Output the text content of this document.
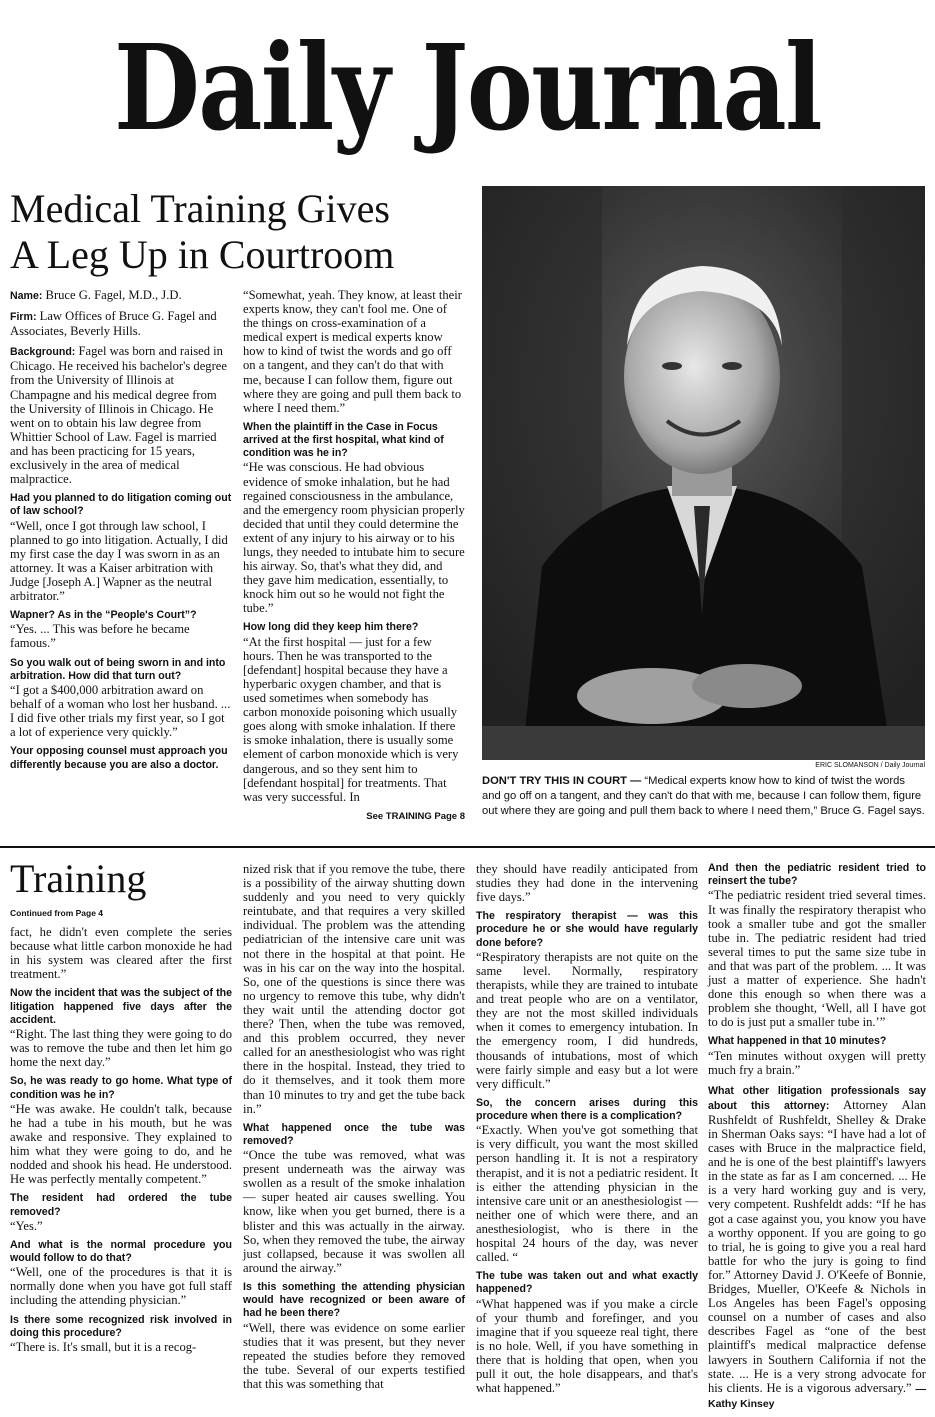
Daily Journal
Medical Training Gives
A Leg Up in Courtroom

Name: Bruce G. Fagel, M.D., J.D.

Firm: Law Offices of Bruce G. Fagel and Associates, Beverly Hills.

Background: Fagel was born and raised in Chicago. He received his bachelor's degree from the University of Illinois at Champagne and his medical degree from the University of Illinois in Chicago. He went on to obtain his law degree from Whittier School of Law. Fagel is married and has been practicing for 15 years, exclusively in the area of medical malpractice.

Had you planned to do litigation coming out of law school?

“Well, once I got through law school, I planned to go into litigation. Actually, I did my first case the day I was sworn in as an attorney. It was a Kaiser arbitration with Judge [Joseph A.] Wapner as the neutral arbitrator.”

Wapner? As in the “People's Court”?

“Yes. ... This was before he became famous.”

So you walk out of being sworn in and into arbitration. How did that turn out?

“I got a $400,000 arbitration award on behalf of a woman who lost her husband. ... I did five other trials my first year, so I got a lot of experience very quickly.”

Your opposing counsel must approach you differently because you are also a doctor.

“Somewhat, yeah. They know, at least their experts know, they can't fool me. One of the things on cross-examination of a medical expert is medical experts know how to kind of twist the words and go off on a tangent, and they can't do that with me, because I can follow them, figure out where they are going and pull them back to where I need them.”

When the plaintiff in the Case in Focus arrived at the first hospital, what kind of condition was he in?

“He was conscious. He had obvious evidence of smoke inhalation, but he had regained consciousness in the ambulance, and the emergency room physician properly decided that until they could determine the extent of any injury to his airway or to his lungs, they needed to intubate him to secure his airway. So, that's what they did, and they gave him medication, essentially, to knock him out so he would not fight the tube.”

How long did they keep him there?

“At the first hospital — just for a few hours. Then he was transported to the [defendant] hospital because they have a hyperbaric oxygen chamber, and that is used sometimes when somebody has carbon monoxide poisoning which usually goes along with smoke inhalation. If there is smoke inhalation, there is usually some element of carbon monoxide which is very dangerous, and so they sent him to [defendant hospital] for treatments. That was very successful. In

See TRAINING Page 8
ERIC SLOMANSON / Daily Journal
DON'T TRY THIS IN COURT — “Medical experts know how to kind of twist the words and go off on a tangent, and they can't do that with me, because I can follow them, figure out where they are going and pull them back to where I need them,” Bruce G. Fagel says.
Training
Continued from Page 4

fact, he didn't even complete the series because what little carbon monoxide he had in his system was cleared after the first treatment.”

Now the incident that was the subject of the litigation happened five days after the accident.

“Right. The last thing they were going to do was to remove the tube and then let him go home the next day.”

So, he was ready to go home. What type of condition was he in?

“He was awake. He couldn't talk, because he had a tube in his mouth, but he was awake and responsive. They explained to him what they were going to do, and he nodded and shook his head. He understood. He was perfectly mentally competent.”

The resident had ordered the tube removed?

“Yes.”

And what is the normal procedure you would follow to do that?

“Well, one of the procedures is that it is normally done when you have got full staff including the attending physician.”

Is there some recognized risk involved in doing this procedure?

“There is. It's small, but it is a recog-

nized risk that if you remove the tube, there is a possibility of the airway shutting down suddenly and you need to very quickly reintubate, and that requires a very skilled individual. The problem was the attending pediatrician of the intensive care unit was not there in the hospital at that point. He was in his car on the way into the hospital. So, one of the questions is since there was no urgency to remove this tube, why didn't they wait until the attending doctor got there? Then, when the tube was removed, and this problem occurred, they never called for an anesthesiologist who was right there in the hospital. Instead, they tried to do it themselves, and it took them more than 10 minutes to try and get the tube back in.”

What happened once the tube was removed?

“Once the tube was removed, what was present underneath was the airway was swollen as a result of the smoke inhalation — super heated air causes swelling. You know, like when you get burned, there is a blister and this was actually in the airway. So, when they removed the tube, the airway just collapsed, because it was swollen all around the airway.”

Is this something the attending physician would have recognized or been aware of had he been there?

“Well, there was evidence on some earlier studies that it was present, but they never repeated the studies before they removed the tube. Several of our experts testified that this was something that

they should have readily anticipated from studies they had done in the intervening five days.”

The respiratory therapist — was this procedure he or she would have regularly done before?

“Respiratory therapists are not quite on the same level. Normally, respiratory therapists, while they are trained to intubate and treat people who are on a ventilator, they are not the most skilled individuals when it comes to emergency intubation. In the emergency room, I did hundreds, thousands of intubations, most of which were fairly simple and easy but a lot were very difficult.”

So, the concern arises during this procedure when there is a complication?

“Exactly. When you've got something that is very difficult, you want the most skilled person handling it. It is not a respiratory therapist, and it is not a pediatric resident. It is either the attending physician in the intensive care unit or an anesthesiologist — neither one of which were there, and an anesthesiologist, who is there in the hospital 24 hours of the day, was never called. “

The tube was taken out and what exactly happened?

“What happened was if you make a circle of your thumb and forefinger, and you imagine that if you squeeze real tight, there is no hole. Well, if you have something in there that is holding that open, when you pull it out, the hole disappears, and that's what happened.”

And then the pediatric resident tried to reinsert the tube?

“The pediatric resident tried several times. It was finally the respiratory therapist who took a smaller tube and got the smaller tube in. The pediatric resident had tried several times to put the same size tube in and that was part of the problem. ... It was just a matter of experience. She hadn't done this enough so when there was a problem she thought, ‘Well, all I have got to do is just put a smaller tube in.’”

What happened in that 10 minutes?

“Ten minutes without oxygen will pretty much fry a brain.”

What other litigation professionals say about this attorney: Attorney Alan Rushfeldt of Rushfeldt, Shelley & Drake in Sherman Oaks says: “I have had a lot of cases with Bruce in the malpractice field, and he is one of the best plaintiff's lawyers in the state as far as I am concerned. ... He is a very hard working guy and is very, very competent. Rushfeldt adds: “If he has got a case against you, you know you have a worthy opponent. If you are going to go to trial, he is going to give you a real hard battle for who the jury is going to find for.” Attorney David J. O'Keefe of Bonnie, Bridges, Mueller, O'Keefe & Nichols in Los Angeles has been Fagel's opposing counsel on a number of cases and also describes Fagel as “one of the best plaintiff's medical malpractice defense lawyers in Southern California if not the state. ... He is a very strong advocate for his clients. He is a vigorous adversary.” — Kathy Kinsey
